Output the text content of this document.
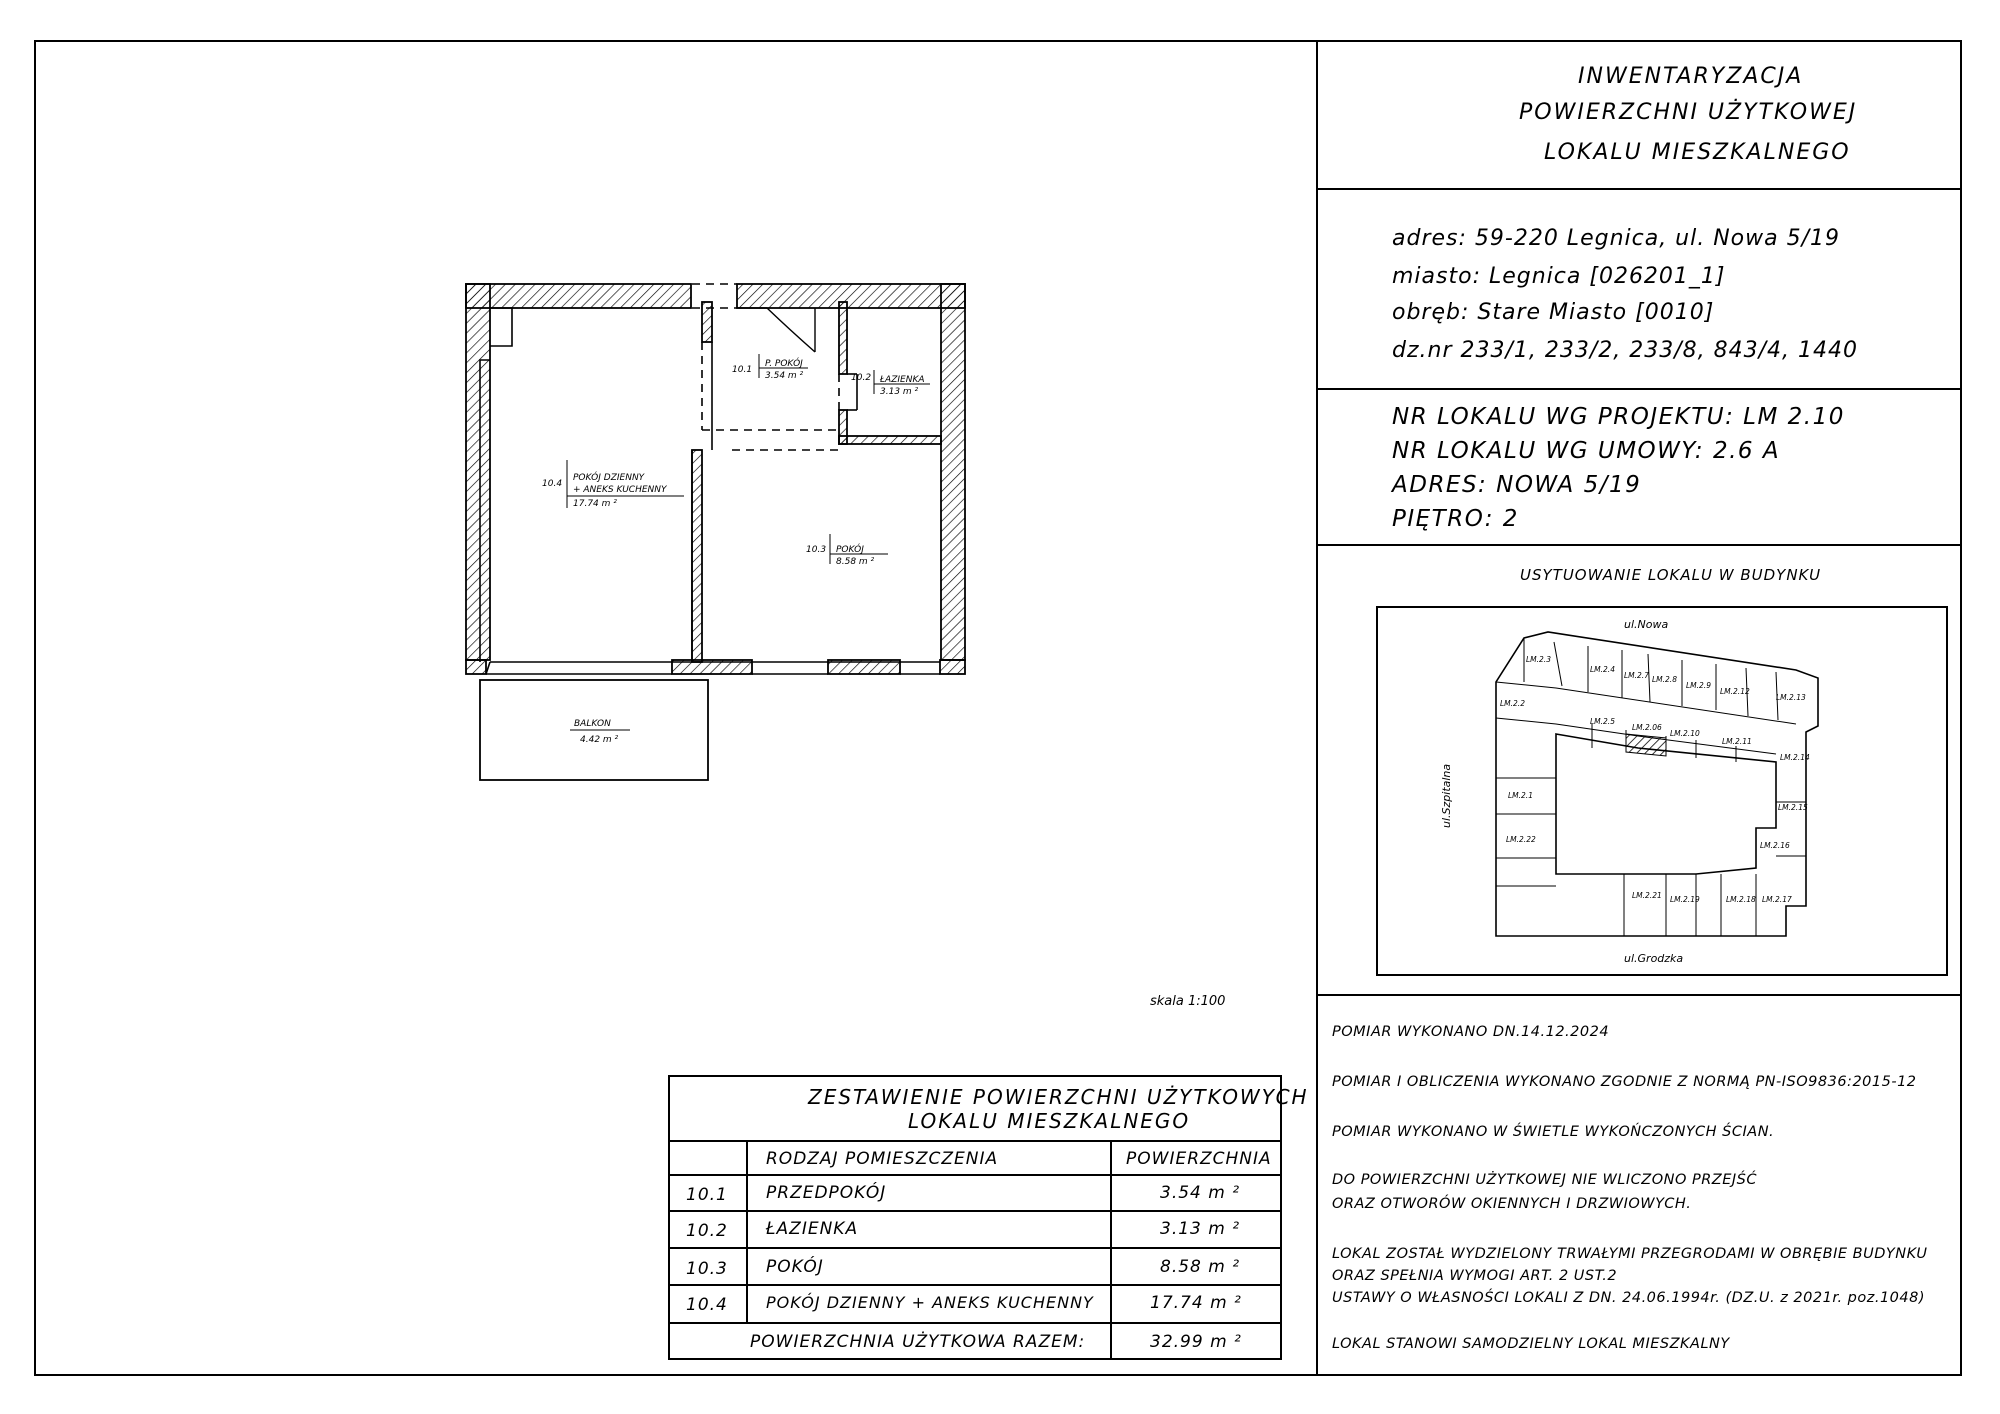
INWENTARYZACJA
POWIERZCHNI UŻYTKOWEJ
LOKALU MIESZKALNEGO
adres: 59-220 Legnica, ul. Nowa 5/19
miasto: Legnica [026201_1]
obręb: Stare Miasto [0010]
dz.nr 233/1, 233/2, 233/8, 843/4, 1440
NR LOKALU WG PROJEKTU: LM 2.10
NR LOKALU WG UMOWY: 2.6 A
ADRES: NOWA 5/19
PIĘTRO: 2
USYTUOWANIE LOKALU W BUDYNKU
ul.Nowa
ul.Grodzka
ul.Szpitalna
LM.2.3
LM.2.4
LM.2.7 LM.2.8
LM.2.9
LM.2.12
LM.2.13
LM.2.2
LM.2.5
LM.2.06
LM.2.10
LM.2.11
LM.2.14
LM.2.1
LM.2.15
LM.2.22
LM.2.16
LM.2.21 LM.2.19	LM.2.18 LM.2.17
POMIAR WYKONANO DN.14.12.2024
POMIAR I OBLICZENIA WYKONANO ZGODNIE Z NORMĄ PN-ISO9836:2015-12
POMIAR WYKONANO W ŚWIETLE WYKOŃCZONYCH ŚCIAN.
DO POWIERZCHNI UŻYTKOWEJ NIE WLICZONO PRZEJŚĆ
ORAZ OTWORÓW OKIENNYCH I DRZWIOWYCH.
LOKAL ZOSTAŁ WYDZIELONY TRWAŁYMI PRZEGRODAMI W OBRĘBIE BUDYNKU
ORAZ SPEŁNIA WYMOGI ART. 2 UST.2
USTAWY O WŁASNOŚCI LOKALI Z DN. 24.06.1994r. (DZ.U. z 2021r. poz.1048)
LOKAL STANOWI SAMODZIELNY LOKAL MIESZKALNY
10.1
P. POKÓJ
3.54 m ²	10.2 ŁAZIENKA
3.13 m ²
10.3 POKÓJ
8.58 m ²
10.4
POKÓJ DZIENNY
+ ANEKS KUCHENNY
17.74 m ²
BALKON
4.42 m ²
skala 1:100
ZESTAWIENIE POWIERZCHNI UŻYTKOWYCH
LOKALU MIESZKALNEGO
RODZAJ POMIESZCZENIA	POWIERZCHNIA
10.1 PRZEDPOKÓJ	3.54 m ²
10.2 ŁAZIENKA	3.13 m ²
10.3 POKÓJ	8.58 m ²
10.4 POKÓJ DZIENNY + ANEKS KUCHENNY	17.74 m ²
POWIERZCHNIA UŻYTKOWA RAZEM:	32.99 m ²
